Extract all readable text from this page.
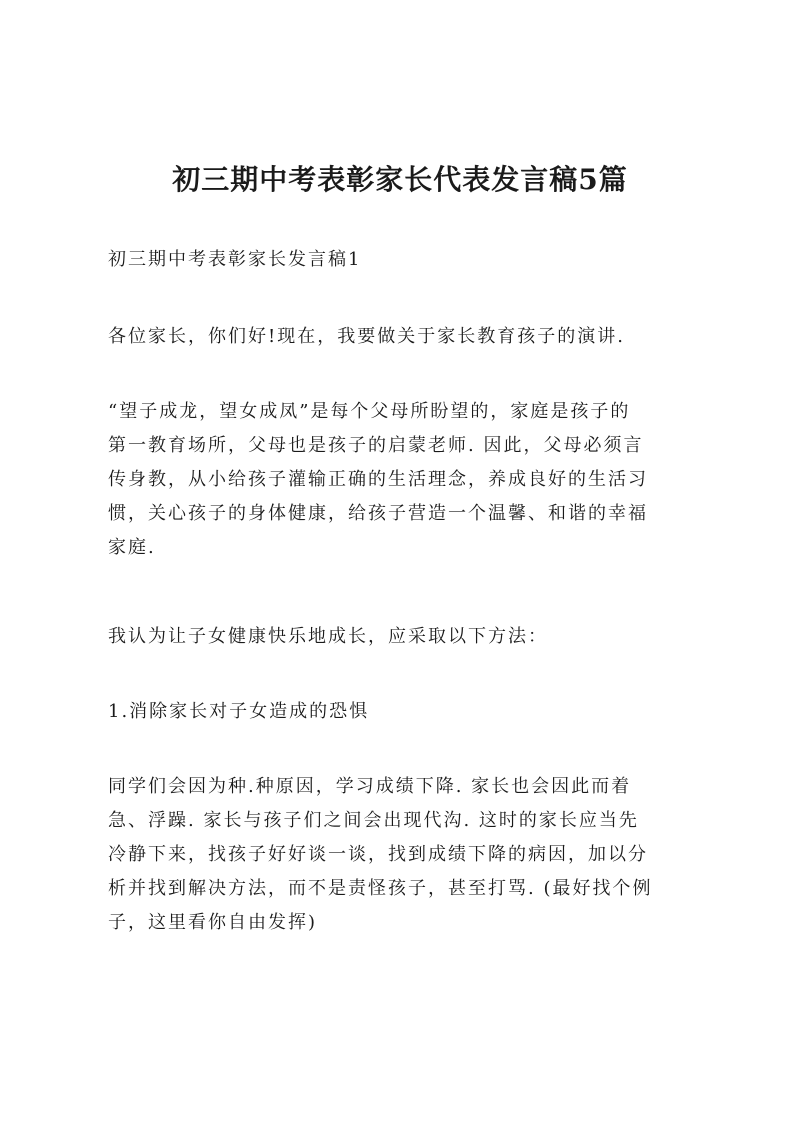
初三期中考表彰家长代表发言稿5篇

初三期中考表彰家长发言稿1

各位家长，你们好!现在，我要做关于家长教育孩子的演讲.

“望子成龙，望女成凤”是每个父母所盼望的，家庭是孩子的
第一教育场所，父母也是孩子的启蒙老师. 因此，父母必须言
传身教，从小给孩子灌输正确的生活理念，养成良好的生活习
惯，关心孩子的身体健康，给孩子营造一个温馨、和谐的幸福
家庭.

我认为让子女健康快乐地成长，应采取以下方法：

1.消除家长对子女造成的恐惧

同学们会因为种.种原因，学习成绩下降. 家长也会因此而着
急、浮躁. 家长与孩子们之间会出现代沟. 这时的家长应当先
冷静下来，找孩子好好谈一谈，找到成绩下降的病因，加以分
析并找到解决方法，而不是责怪孩子，甚至打骂. (最好找个例
子，这里看你自由发挥)
